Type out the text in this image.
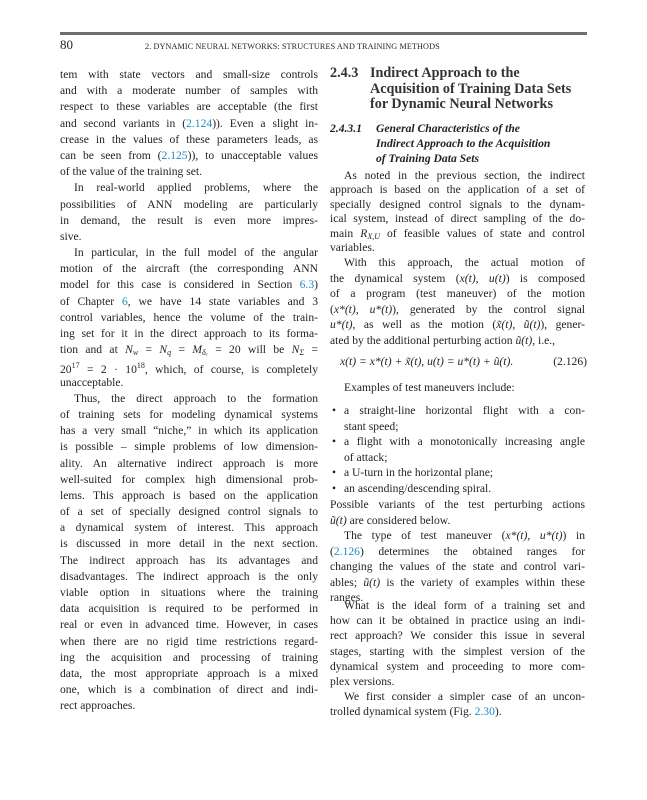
80	2. DYNAMIC NEURAL NETWORKS: STRUCTURES AND TRAINING METHODS
tem with state vectors and small-size controls
and with a moderate number of samples with
respect to these variables are acceptable (the first
and second variants in (2.124)). Even a slight in-
crease in the values of these parameters leads, as
can be seen from (2.125)), to unacceptable values
of the value of the training set.
In real-world applied problems, where the
possibilities of ANN modeling are particularly
in demand, the result is even more impres-
sive.
In particular, in the full model of the angular
motion of the aircraft (the corresponding ANN
model for this case is considered in Section 6.3)
of Chapter 6, we have 14 state variables and 3
control variables, hence the volume of the train-
ing set for it in the direct approach to its forma-
tion and at $N_w = N_q = M_{\delta_e} = 20$ will be $N_\Sigma$ =
$20^{17} = 2 \cdot 10^{18}$, which, of course, is completely
unacceptable.
Thus, the direct approach to the formation
of training sets for modeling dynamical systems
has a very small “niche,” in which its application
is possible – simple problems of low dimension-
ality. An alternative indirect approach is more
well-suited for complex high dimensional prob-
lems. This approach is based on the application
of a set of specially designed control signals to
a dynamical system of interest. This approach
is discussed in more detail in the next section.
The indirect approach has its advantages and
disadvantages. The indirect approach is the only
viable option in situations where the training
data acquisition is required to be performed in
real or even in advanced time. However, in cases
when there are no rigid time restrictions regard-
ing the acquisition and processing of training
data, the most appropriate approach is a mixed
one, which is a combination of direct and indi-
rect approaches.
2.4.3 Indirect Approach to the
Acquisition of Training Data Sets
for Dynamic Neural Networks
2.4.3.1 General Characteristics of the
Indirect Approach to the Acquisition
of Training Data Sets
As noted in the previous section, the indirect
approach is based on the application of a set of
specially designed control signals to the dynam-
ical system, instead of direct sampling of the do-
main $R_{X,U}$ of feasible values of state and control
variables.
With this approach, the actual motion of
the dynamical system (x(t), u(t)) is composed
of a program (test maneuver) of the motion
(x*(t), u*(t)), generated by the control signal
u*(t), as well as the motion (x̃(t), ũ(t)), gener-
ated by the additional perturbing action ũ(t), i.e.,
x(t) = x*(t) + x̃(t), u(t) = u*(t) + ũ(t).	(2.126)
Examples of test maneuvers include:
• a straight-line horizontal flight with a con-
stant speed;
• a flight with a monotonically increasing angle
of attack;
• a U-turn in the horizontal plane;
• an ascending/descending spiral.
Possible variants of the test perturbing actions
ũ(t) are considered below.
The type of test maneuver (x*(t), u*(t)) in
(2.126) determines the obtained ranges for
changing the values of the state and control vari-
ables; ũ(t) is the variety of examples within these
ranges.
What is the ideal form of a training set and
how can it be obtained in practice using an indi-
rect approach? We consider this issue in several
stages, starting with the simplest version of the
dynamical system and proceeding to more com-
plex versions.
We first consider a simpler case of an uncon-
trolled dynamical system (Fig. 2.30).
